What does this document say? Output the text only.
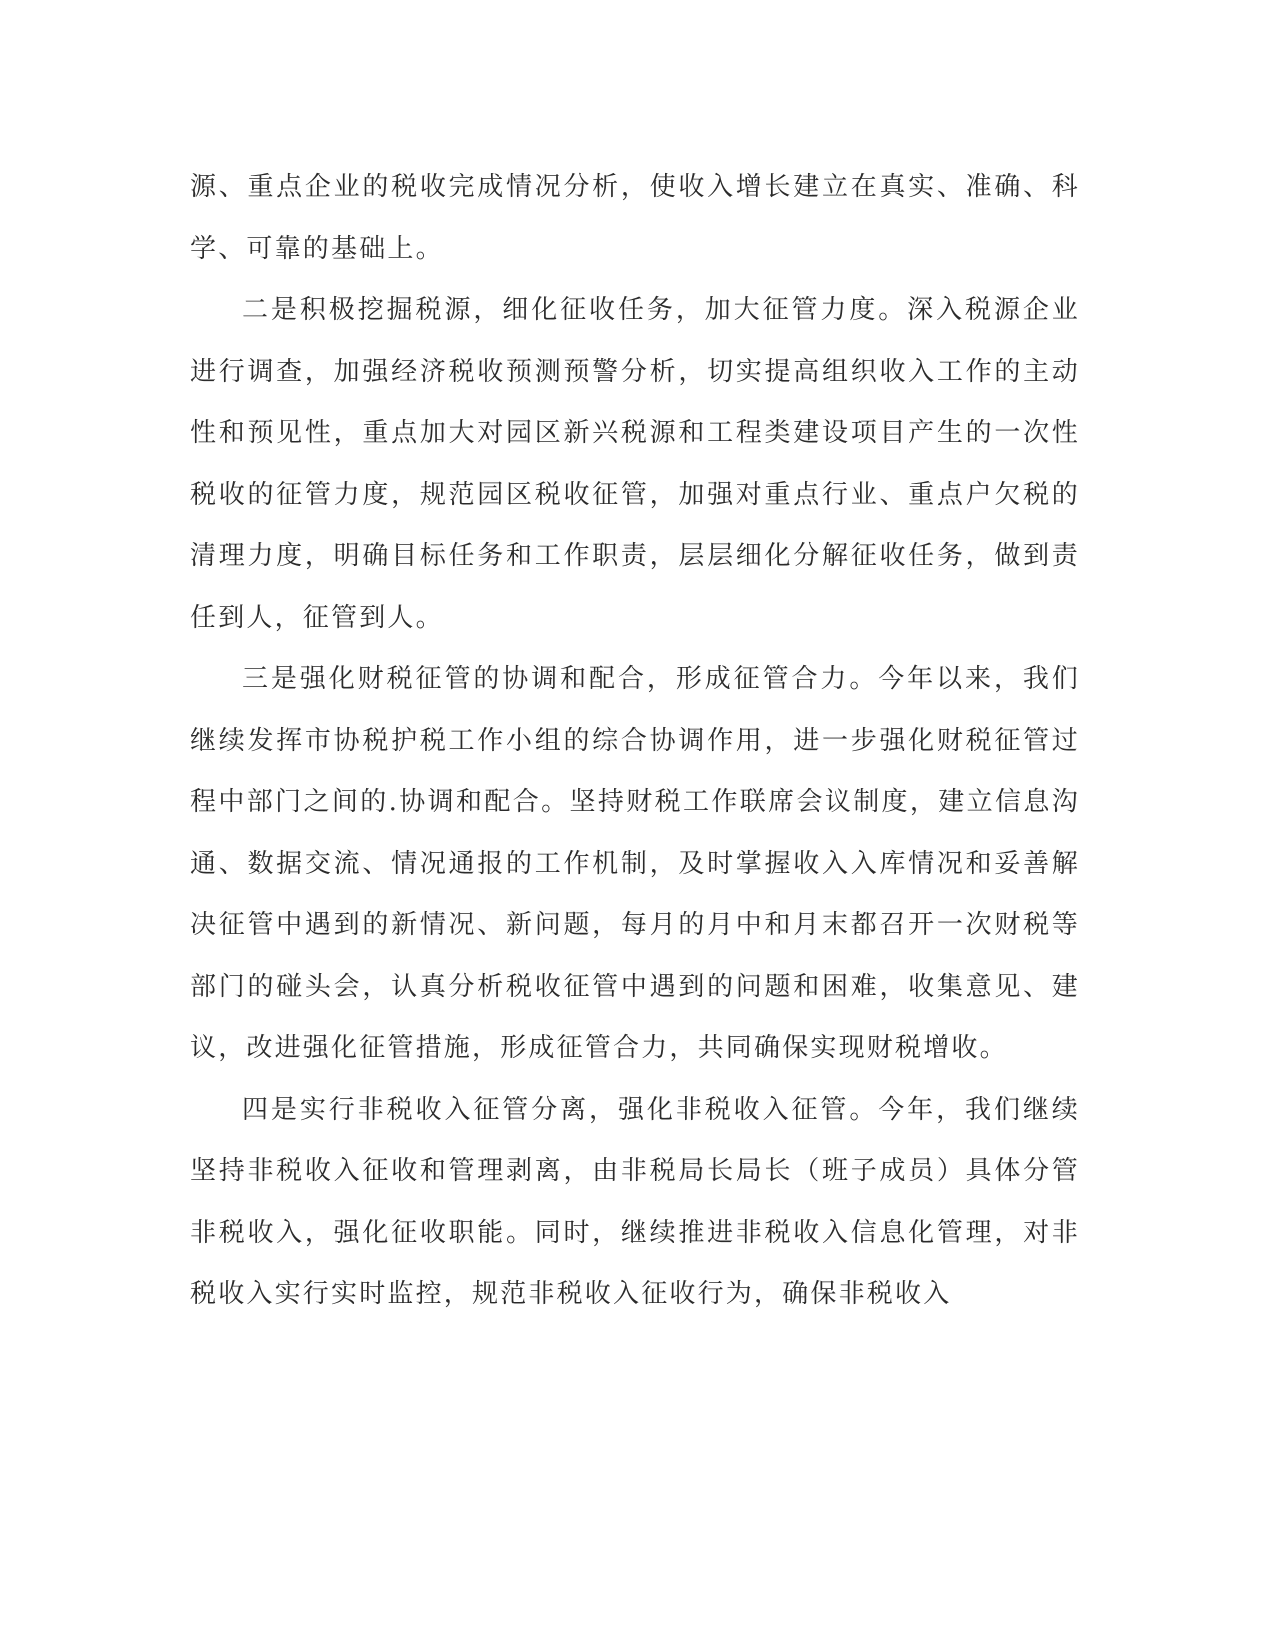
源、重点企业的税收完成情况分析，使收入增长建立在真实、准确、科学、可靠的基础上。

二是积极挖掘税源，细化征收任务，加大征管力度。深入税源企业进行调查，加强经济税收预测预警分析，切实提高组织收入工作的主动性和预见性，重点加大对园区新兴税源和工程类建设项目产生的一次性税收的征管力度，规范园区税收征管，加强对重点行业、重点户欠税的清理力度，明确目标任务和工作职责，层层细化分解征收任务，做到责任到人，征管到人。

三是强化财税征管的协调和配合，形成征管合力。今年以来，我们继续发挥市协税护税工作小组的综合协调作用，进一步强化财税征管过程中部门之间的.协调和配合。坚持财税工作联席会议制度，建立信息沟通、数据交流、情况通报的工作机制，及时掌握收入入库情况和妥善解决征管中遇到的新情况、新问题，每月的月中和月末都召开一次财税等部门的碰头会，认真分析税收征管中遇到的问题和困难，收集意见、建议，改进强化征管措施，形成征管合力，共同确保实现财税增收。

四是实行非税收入征管分离，强化非税收入征管。今年，我们继续坚持非税收入征收和管理剥离，由非税局长局长（班子成员）具体分管非税收入，强化征收职能。同时，继续推进非税收入信息化管理，对非税收入实行实时监控，规范非税收入征收行为，确保非税收入
